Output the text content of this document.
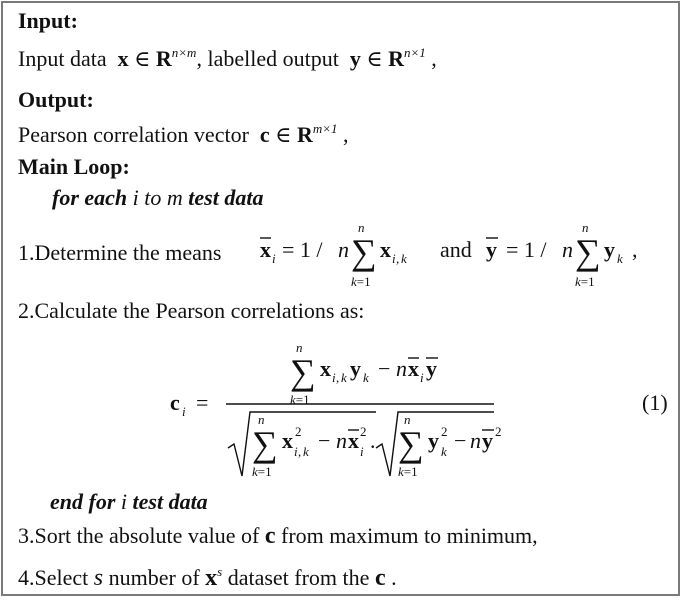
Input:
Input data x ∈ $R^{n\times m}$, labelled output y ∈ $R^{n\times 1}$ ,
Output:
Pearson correlation vector c ∈ $R^{m\times 1}$ ,
Main Loop:
for each i to m test data
1.Determine the means x i = 1 / n ∑
n
k=1
x i , k and y = 1 / n ∑
n
k=1
y k ,
2.Calculate the Pearson correlations as:
c i =
∑
n
k=1
x i , k y k − n x i y
∑
n
k=1
x 2
i , k − n x 2
i . ∑
n
k=1
y 2
k − n y 2
(1)
end for i test data
3.Sort the absolute value of c from maximum to minimum,
4.Select s number of $x^s$ dataset from the c .
